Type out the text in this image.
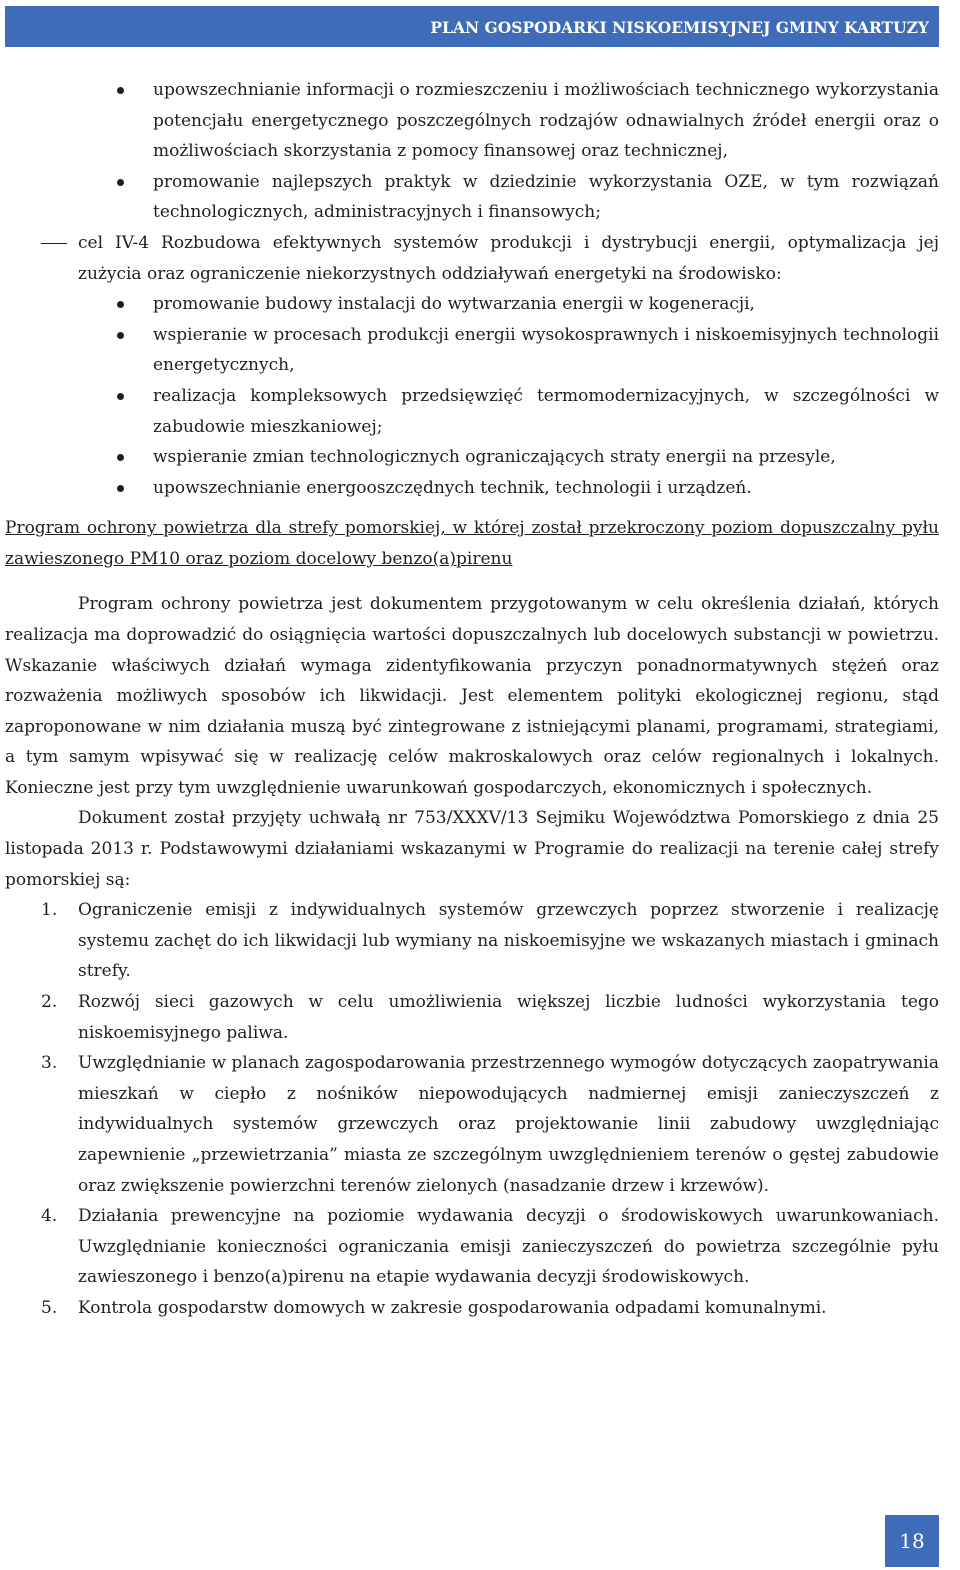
PLAN GOSPODARKI NISKOEMISYJNEJ GMINY KARTUZY
upowszechnianie informacji o rozmieszczeniu i możliwościach technicznego wykorzystania potencjału energetycznego poszczególnych rodzajów odnawialnych źródeł energii oraz o możliwościach skorzystania z pomocy finansowej oraz technicznej,
promowanie najlepszych praktyk w dziedzinie wykorzystania OZE, w tym rozwiązań technologicznych, administracyjnych i finansowych;

cel IV-4 Rozbudowa efektywnych systemów produkcji i dystrybucji energii, optymalizacja jej zużycia oraz ograniczenie niekorzystnych oddziaływań energetyki na środowisko:

promowanie budowy instalacji do wytwarzania energii w kogeneracji,
wspieranie w procesach produkcji energii wysokosprawnych i niskoemisyjnych technologii energetycznych,
realizacja kompleksowych przedsięwzięć termomodernizacyjnych, w szczególności w zabudowie mieszkaniowej;
wspieranie zmian technologicznych ograniczających straty energii na przesyle,
upowszechnianie energooszczędnych technik, technologii i urządzeń.
Program ochrony powietrza dla strefy pomorskiej, w której został przekroczony poziom dopuszczalny pyłu zawieszonego PM10 oraz poziom docelowy benzo(a)pirenu

Program ochrony powietrza jest dokumentem przygotowanym w celu określenia działań, których realizacja ma doprowadzić do osiągnięcia wartości dopuszczalnych lub docelowych substancji w powietrzu. Wskazanie właściwych działań wymaga zidentyfikowania przyczyn ponadnormatywnych stężeń oraz rozważenia możliwych sposobów ich likwidacji. Jest elementem polityki ekologicznej regionu, stąd zaproponowane w nim działania muszą być zintegrowane z istniejącymi planami, programami, strategiami, a tym samym wpisywać się w realizację celów makroskalowych oraz celów regionalnych i lokalnych. Konieczne jest przy tym uwzględnienie uwarunkowań gospodarczych, ekonomicznych i społecznych.

Dokument został przyjęty uchwałą nr 753/XXXV/13 Sejmiku Województwa Pomorskiego z dnia 25 listopada 2013 r. Podstawowymi działaniami wskazanymi w Programie do realizacji na terenie całej strefy pomorskiej są:

1. Ograniczenie emisji z indywidualnych systemów grzewczych poprzez stworzenie i realizację systemu zachęt do ich likwidacji lub wymiany na niskoemisyjne we wskazanych miastach i gminach strefy.
2. Rozwój sieci gazowych w celu umożliwienia większej liczbie ludności wykorzystania tego niskoemisyjnego paliwa.
3. Uwzględnianie w planach zagospodarowania przestrzennego wymogów dotyczących zaopatrywania mieszkań w ciepło z nośników niepowodujących nadmiernej emisji zanieczyszczeń z indywidualnych systemów grzewczych oraz projektowanie linii zabudowy uwzględniając zapewnienie „przewietrzania” miasta ze szczególnym uwzględnieniem terenów o gęstej zabudowie oraz zwiększenie powierzchni terenów zielonych (nasadzanie drzew i krzewów).
4. Działania prewencyjne na poziomie wydawania decyzji o środowiskowych uwarunkowaniach. Uwzględnianie konieczności ograniczania emisji zanieczyszczeń do powietrza szczególnie pyłu zawieszonego i benzo(a)pirenu na etapie wydawania decyzji środowiskowych.
5. Kontrola gospodarstw domowych w zakresie gospodarowania odpadami komunalnymi.
18
